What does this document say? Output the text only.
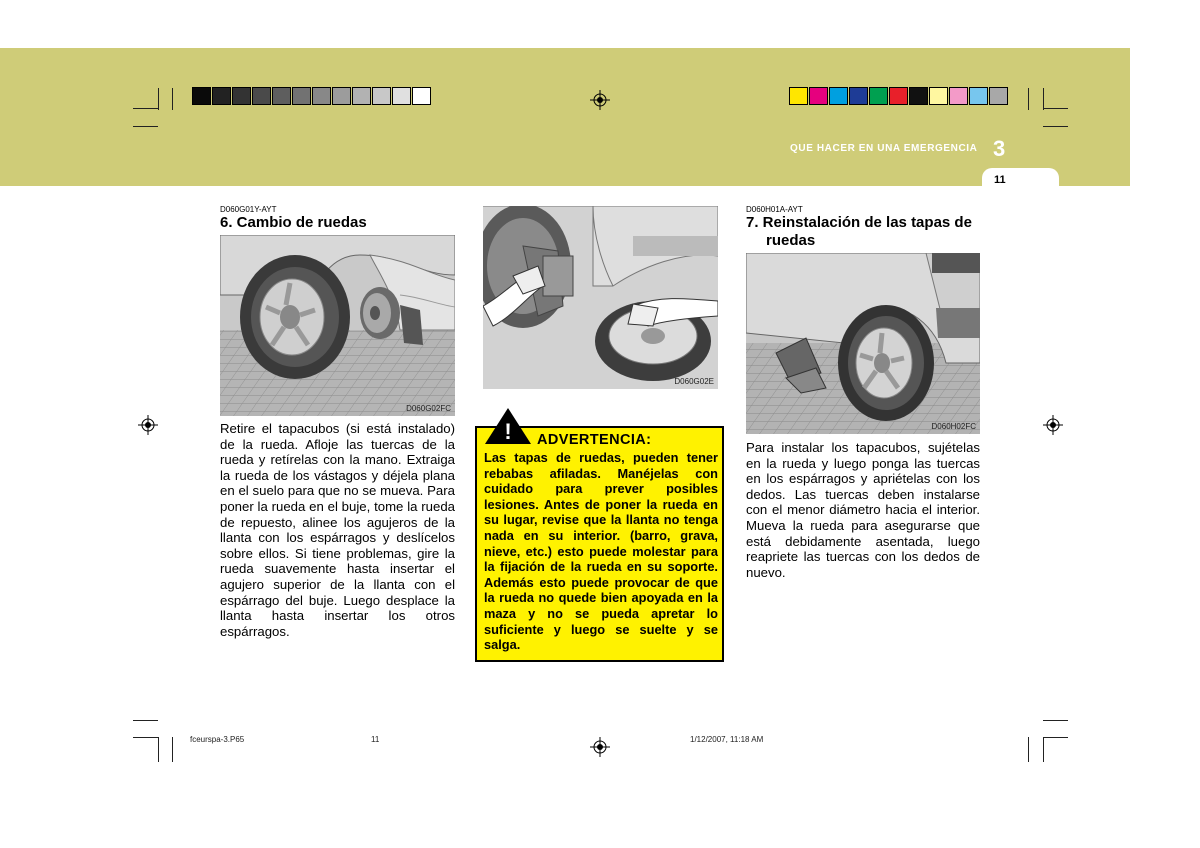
QUE HACER EN UNA EMERGENCIA 3
11
D060G01Y-AYT
6. Cambio de ruedas
D060G02FC
Retire el tapacubos (si está instalado) de la rueda. Afloje las tuercas de la rueda y retírelas con la mano. Extraiga la rueda de los vástagos y déjela plana en el suelo para que no se mueva. Para poner la rueda en el buje, tome la rueda de repuesto, alinee los agujeros de la llanta con los espárragos y deslícelos sobre ellos. Si tiene problemas, gire la rueda suavemente hasta insertar el agujero superior de la llanta con el espárrago del buje. Luego desplace la llanta hasta insertar los otros espárragos.
D060G02E
ADVERTENCIA:
Las tapas de ruedas, pueden tener rebabas afiladas. Manéjelas con cuidado para prever posibles lesiones. Antes de poner la rueda en su lugar, revise que la llanta no tenga nada en su interior. (barro, grava, nieve, etc.) esto puede molestar para la fijación de la rueda en su soporte. Además esto puede provocar de que la rueda no quede bien apoyada en la maza y no se pueda apretar lo suficiente y luego se suelte y se salga.
!
D060H01A-AYT
7. Reinstalación de las tapas de
ruedas
D060H02FC
Para instalar los tapacubos, sujételas en la rueda y luego ponga las tuercas en los espárragos y apriételas con los dedos. Las tuercas deben instalarse con el menor diámetro hacia el interior. Mueva la rueda para asegurarse que está debidamente asentada, luego reapriete las tuercas con los dedos de nuevo.
fceurspa-3.P65	11	1/12/2007, 11:18 AM
